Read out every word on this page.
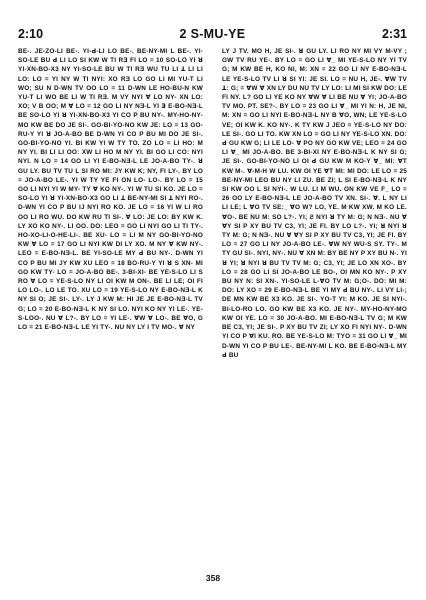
2:10	2 S-MU-YE	2:31
BE-. JE-ZO-LI BE-. YI-ꓒ-LI LO BE-. BE-NY-MI L BE-. YI-SO-LE BU ꓒ LI LO SI KW W TI RƎ FI LO = 10 SO-LO YI ꓤ YI-XN-BO-X3 NY YI-SO-LE BU W TI RƎ WU TU LI ꓕ LI LI LO: LO = YI NY W TI NYI: XO RƎ LO GO LI MI YU-T LI WO; SU N D-WN TV OO LO = 11 D-WN LE HO-BU-N KW YU-T LI WO BE LI W TI RƎ. M VY NYI ꓯ LO NY- XN LO: XO; V B OO; M ꓯ LO = 12 GO LI NY NƎ-L YI ꓱ E-BO-NƎ-L BE SO-LO YI ꓤ YI-XN-BO-X3 YI CO P BU NY-. MY-HO-NY-MO KW BE DO JE SI-. GO-BI-YO-NO KW JE: LO = 13 GO-RU-Y YI ꓤ JO-A-BO BE D-WN YI CO P BU MI DO JE SI-. GO-BI-YO-NO YI. BI KW YI W TY TO. ZO LO = LI HO: M NY YI. BI LI LI OO: XW LI HO M NY YI. BI GO LI CO: NYI NYI. N LO = 14 GO LI YI E-BO-NƎ-L LE JO-A-BO TY-. ꓤ GU LY. BU TV TU L SI RO MI: JY KW K; NY, FI LY-. BY LO = JO-A-BO LE-. YI W TY YE FI ON LO- LO-. BY LO = 15 GO LI NYI YI W MY- TY ꓯ KO NY-. YI W TU SI KO. JE LO = SO-LO YI ꓤ YI-XN-BO-X3 GO LI ꓕ BE-NY-MI SI ꓕ NYI RO-. D-WN YI CO P BU IJ NYI RO KO. JE LO = 16 YI W LI RO OO LI RO WU. DO KW RU TI SI-. ꓯ LO: JE LO: BY KW K. LY XO KO NY-. LI OO. DO: LEO = GO LI NYI GO LI TI TY-. HO-XO-LI-O-HE-LI-. BE XU- LO = LI M NY GO-BI-YO-NO KW ꓯ LO = 17 GO LI NYI KW DI LY XO. M NY ꓯ KW NY-. LEO = E-BO-NƎ-L. BE YI-SO-LE MY ꓒ BU NY-. D-WN YI CO P BU MI JY KW XU LEO = 18 BO-RU-Y YI ꓤ S XN- MI GO KW TY- LO = JO-A-BO BE-. 3-BI-XI- BE YE-S-LO LI S RO ꓯ LO = YE-S-LO NY LI OI KW M ON-. BE LI LE; OI FI LO LO-. LO LE TO. XU LO = 19 YE-S-LO NY E-BO-NƎ-L K NY SI O; JE SI-. LY-. LY J KW M: HI JE JE E-BO-NƎ-L TV G; LO = 20 E-BO-NƎ-L K NY SI LO. NYI KO NY YI LE-. YE-S-LOO-. NU ꓯ L?-. BY LO = YI LE-. ꓯW ꓯ LO-. BE ꓯO, G LO = 21 E-BO-NƎ-L LE YI TY-. NU NY LY I TV MO-. ꓯ NY
LY J TV. MO H, JE SI-. ꓤ GU LY. LI RO NY MI VY M-VY ; GW TV RU YE-. BY LO = GO LI ꓯ_ MI YE-S-LO NY YI TV G; M KW BE H, KO NI, M: XN = 22 GO LI NY E-BO-NƎ-L LE YE-S-LO TV LI ꓤ SI YI: JE SI. LO = NU H, JE-. ꓯW TV ꓕ: G; = ꓯW ꓯ XN LY DU NU TV LY LO: LI MI SI KW DO: LE FI NY. L? GO LI YE KO NY ꓯW ꓯ LI BE NU ꓯ YI; JO-A-BO TV MO. PT. SE?-. BY LO = 23 GO LI ꓯ_ MI YI N: H, JE NI, M: XN = GO LI NYI E-BO-NƎ-L NY B ꓯO, WN; LE YE-S-LO VE; OI KW K. KO NY-. K TY KW J JEO = YE-S-LO NY DO: LE SI-. GO LI TO. KW XN LO = GO LI NY YE-S-LO XN. DO: ꓒ GU KW G; LI LE LO- ꓯ PO NY GO KW VE; LEO = 24 GO LI ꓯ_ MI JO-A-BO. BE 3-BI-XI NY E-BO-NƎ-L K NY SI G; JE SI-. GO-BI-YO-NO LI OI ꓒ GU KW M KO-Y ꓯ_ MI: ꓯT KW M-. ꓯ-M-H W LU. KW OI YE ꓯT MI: MI DO: LE LO = 25 BE-NY-MI LEO BU NY LI ZU. BE ZI; L SI E-BO-NƎ-L K NY SI KW OO L SI NYI-. W LU. LI M WU. ON KW VE F_ LO = 26 OO LY E-BO-NƎ-L LE JO-A-BO TV XN. SI-. ꓯ. L NY LI LI LE; L ꓯO TV SE:_ ꓯO W? LO, YE. M KW XW. M KO LE. ꓯO-. BE NU M: SO L?-. YI; Ƨ NYI ꓤ TY M: G; N NƎ-. NU ꓯ ꓯY SI P XY BU TV C3, YI; JE FI. BY LO L?-. YI; ꓤ NYI ꓤ TY M: G; N NƎ-. NU ꓯ ꓯY SI P XY BU TV C3, YI; JE FI. BY LO = 27 GO LI NY JO-A-BO LE-. ꓯW NY WU-S SY. TY-. M TY GU SI-. NYI, NY-. NU ꓯ XN M: BY BE NY P XY BU N-. YI ꓤ YI; ꓤ NYI ꓤ BU TV TV M: G; C3, YI; JE LO XN XO-. BY LO = 28 GO LI SI JO-A-BO LE BO-, OI MN KO NY-. P XY BU NY N: SI XN-. YI-SO-LE L-ꓯO TV M: G;O-. DO: MI M: DO: LY XO = 29 E-BO-NƎ-L BE YI MY ꓒ BU NY-. LI VY LI-; DE MN KW BE X3 KO. JE SI-. YO-T YI: M KO. JE SI NYI-. BI-LO-RO LO. GO KW BE X3 KO. JE NY-. MY-HO-NY-MO KW OI YE. LO = 30 JO-A-BO. MI E-BO-NƎ-L TV G; M KW BE C3, YI; JE SI-. P XY BU TV ZI; LY XO FI NYI NY-. D-WN YI CO P ꓯI KU. RO. BE YE-S-LO M: TYO = 31 GO LI ꓯ_ MI D-WN YI CO P BU LE-. BE-NY-MI L KO. BE E-BO-NƎ-L MY ꓒ BU
358
